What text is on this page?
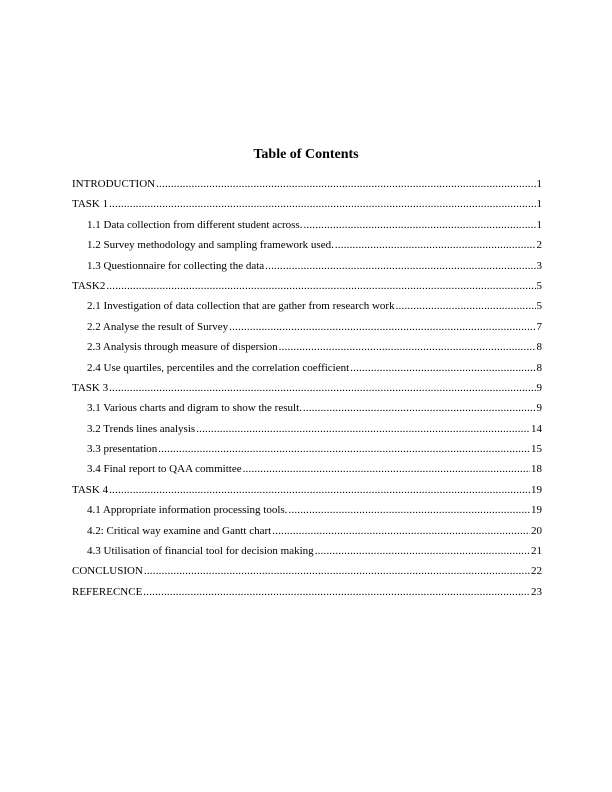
Table of Contents
INTRODUCTION .....	1
TASK 1 .....	1
1.1 Data collection from different student across. .....	1
1.2 Survey methodology and sampling framework used. .....	2
1.3 Questionnaire for collecting the data .....	3
TASK2 .....	5
2.1 Investigation of data collection that are gather from research work .....	5
2.2 Analyse the result of Survey .....	7
2.3 Analysis through measure of dispersion .....	8
2.4 Use quartiles, percentiles and the correlation coefficient .....	8
TASK 3 .....	9
3.1 Various charts and digram to show the result. .....	9
3.2 Trends lines analysis .....	14
3.3 presentation .....	15
3.4 Final report to QAA committee .....	18
TASK 4 .....	19
4.1 Appropriate information processing tools. .....	19
4.2: Critical way examine and Gantt chart .....	20
4.3 Utilisation of financial tool for decision making .....	21
CONCLUSION .....	22
REFERECNCE .....	23
